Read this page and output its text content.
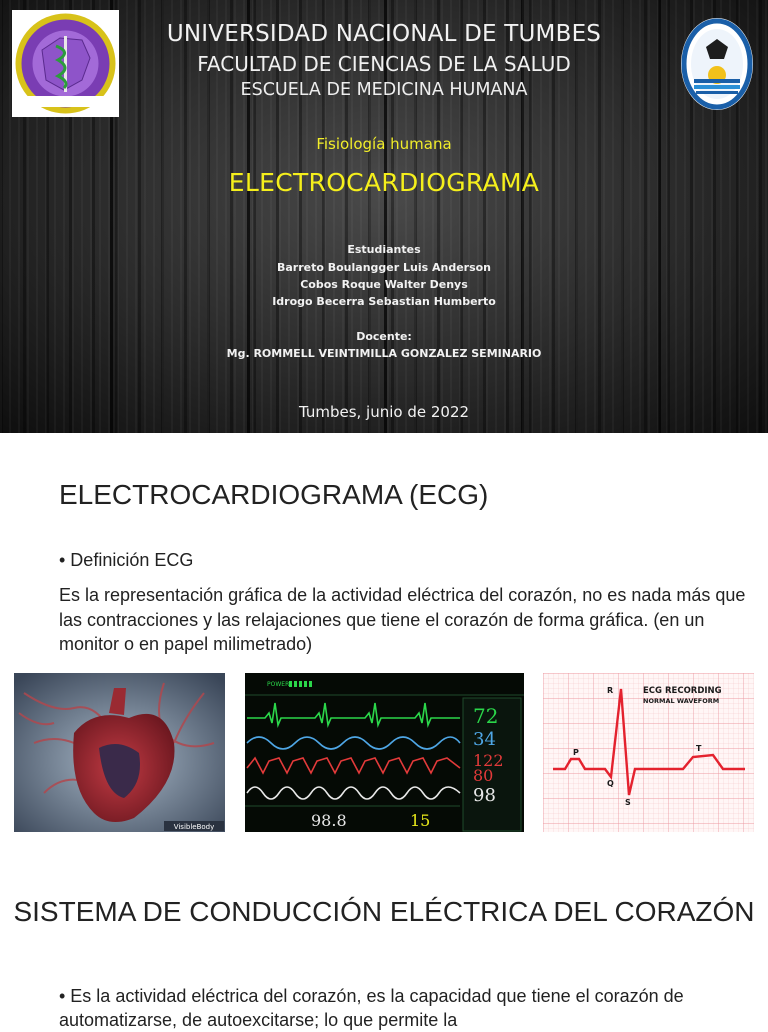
UNIVERSIDAD NACIONAL DE TUMBES
FACULTAD DE CIENCIAS DE LA SALUD
ESCUELA DE MEDICINA HUMANA
Fisiología humana
ELECTROCARDIOGRAMA
Estudiantes
Barreto Boulangger Luis Anderson
Cobos Roque Walter Denys
Idrogo Becerra Sebastian Humberto
Docente:
Mg. ROMMELL VEINTIMILLA GONZALEZ SEMINARIO
Tumbes, junio de 2022
ELECTROCARDIOGRAMA (ECG)
• Definición ECG
Es la representación gráfica de la actividad eléctrica del corazón, no es nada más que las contracciones y las relajaciones que tiene el corazón de forma gráfica. (en un monitor o en papel milimetrado)
VisibleBody
POWER
72
34
122
80
98
98.8	15
ECG RECORDING
NORMAL WAVEFORM
R
P
Q
S
T
SISTEMA DE CONDUCCIÓN ELÉCTRICA DEL CORAZÓN
• Es la actividad eléctrica del corazón, es la capacidad que tiene el corazón de automatizarse, de autoexcitarse; lo que permite la
